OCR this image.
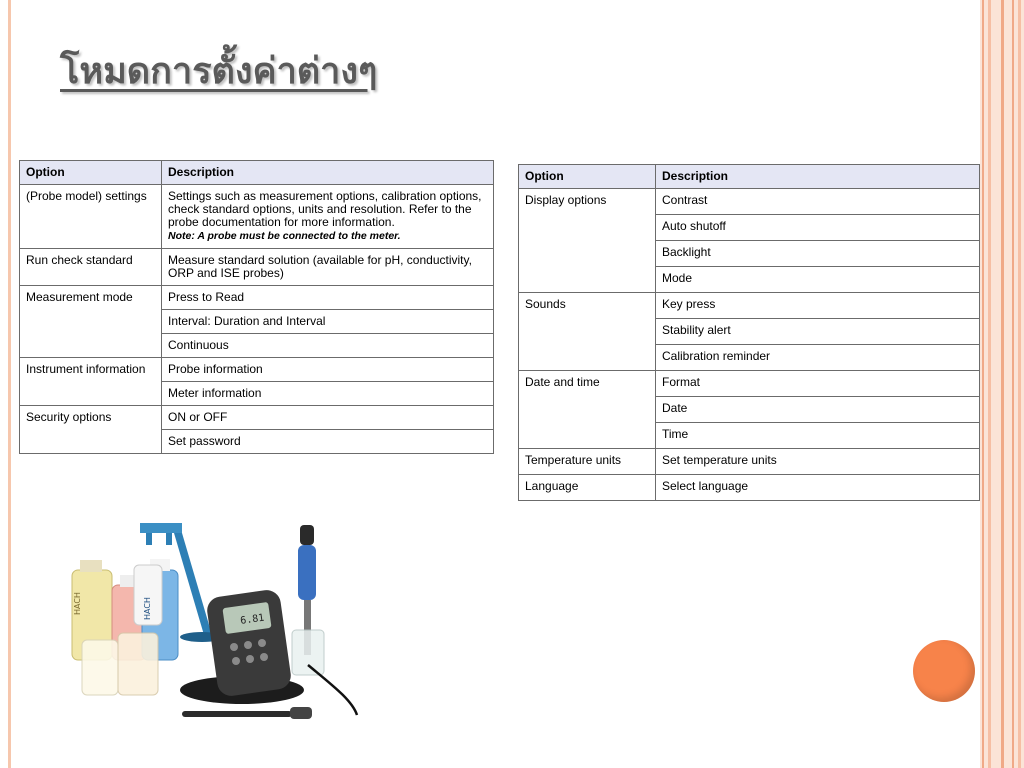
โหมดการตั้งค่าต่างๆ
Option	Description
(Probe model) settings	Settings such as measurement options, calibration options, check standard options, units and resolution. Refer to the probe documentation for more information.
Note: A probe must be connected to the meter.
Run check standard	Measure standard solution (available for pH, conductivity, ORP and ISE probes)
Measurement mode	Press to Read
	Interval: Duration and Interval
	Continuous
Instrument information	Probe information
	Meter information
Security options	ON or OFF
	Set password
Option	Description
Display options	Contrast
	Auto shutoff
	Backlight
	Mode
Sounds	Key press
	Stability alert
	Calibration reminder
Date and time	Format
	Date
	Time
Temperature units	Set temperature units
Language	Select language
HACH	HACH	6.81
